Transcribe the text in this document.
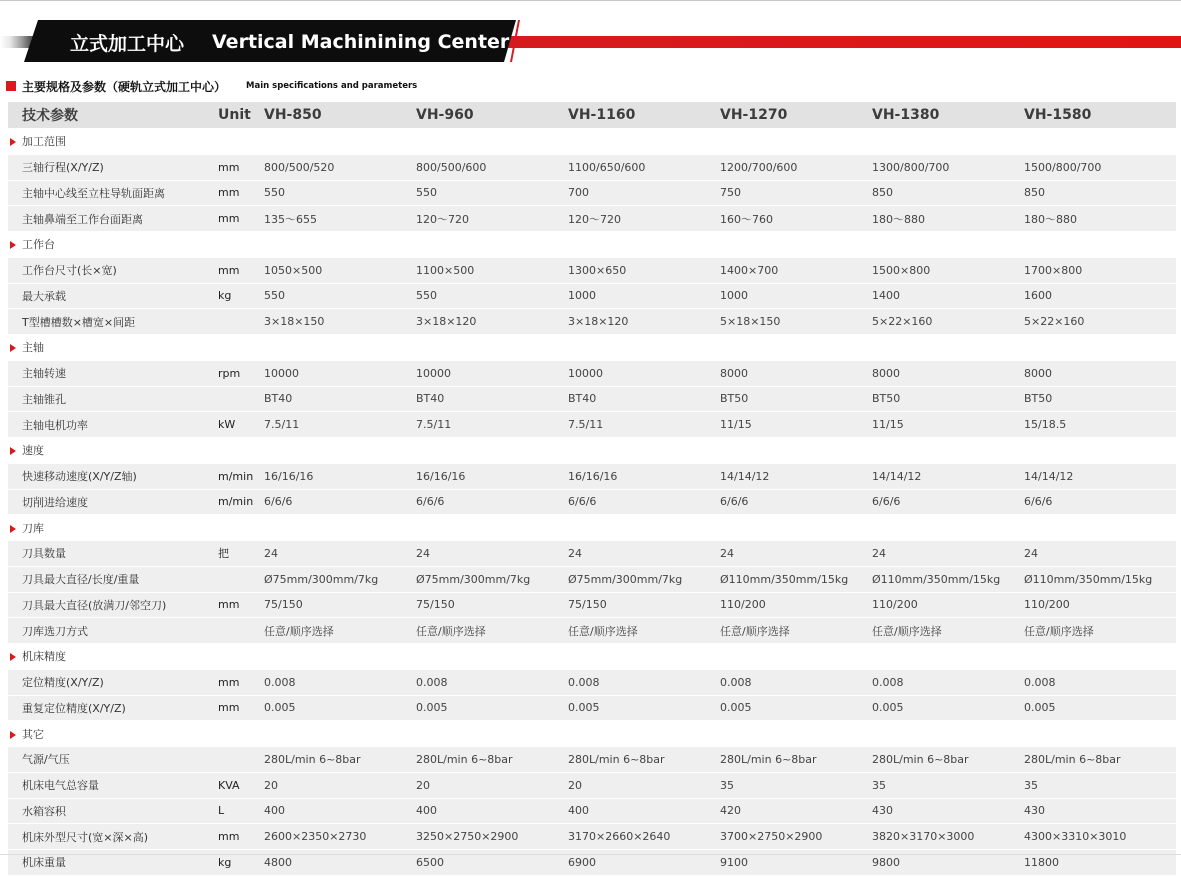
立式加工中心 Vertical Machinining Center
主要规格及参数（硬轨立式加工中心） Main specifications and parameters
技术参数	Unit	VH-850	VH-960	VH-1160	VH-1270	VH-1380	VH-1580
加工范围							
三轴行程(X/Y/Z)	mm	800/500/520	800/500/600	1100/650/600	1200/700/600	1300/800/700	1500/800/700
主轴中心线至立柱导轨面距离	mm	550	550	700	750	850	850
主轴鼻端至工作台面距离	mm	135～655	120～720	120～720	160～760	180～880	180～880
工作台							
工作台尺寸(长×宽)	mm	1050×500	1100×500	1300×650	1400×700	1500×800	1700×800
最大承载	kg	550	550	1000	1000	1400	1600
T型槽槽数×槽宽×间距		3×18×150	3×18×120	3×18×120	5×18×150	5×22×160	5×22×160
主轴							
主轴转速	rpm	10000	10000	10000	8000	8000	8000
主轴锥孔		BT40	BT40	BT40	BT50	BT50	BT50
主轴电机功率	kW	7.5/11	7.5/11	7.5/11	11/15	11/15	15/18.5
速度							
快速移动速度(X/Y/Z轴)	m/min	16/16/16	16/16/16	16/16/16	14/14/12	14/14/12	14/14/12
切削进给速度	m/min	6/6/6	6/6/6	6/6/6	6/6/6	6/6/6	6/6/6
刀库							
刀具数量	把	24	24	24	24	24	24
刀具最大直径/长度/重量		Ø75mm/300mm/7kg	Ø75mm/300mm/7kg	Ø75mm/300mm/7kg	Ø110mm/350mm/15kg	Ø110mm/350mm/15kg	Ø110mm/350mm/15kg
刀具最大直径(放满刀/邻空刀)	mm	75/150	75/150	75/150	110/200	110/200	110/200
刀库选刀方式		任意/顺序选择	任意/顺序选择	任意/顺序选择	任意/顺序选择	任意/顺序选择	任意/顺序选择
机床精度							
定位精度(X/Y/Z)	mm	0.008	0.008	0.008	0.008	0.008	0.008
重复定位精度(X/Y/Z)	mm	0.005	0.005	0.005	0.005	0.005	0.005
其它							
气源/气压		280L/min 6~8bar	280L/min 6~8bar	280L/min 6~8bar	280L/min 6~8bar	280L/min 6~8bar	280L/min 6~8bar
机床电气总容量	KVA	20	20	20	35	35	35
水箱容积	L	400	400	400	420	430	430
机床外型尺寸(宽×深×高)	mm	2600×2350×2730	3250×2750×2900	3170×2660×2640	3700×2750×2900	3820×3170×3000	4300×3310×3010
机床重量	kg	4800	6500	6900	9100	9800	11800
